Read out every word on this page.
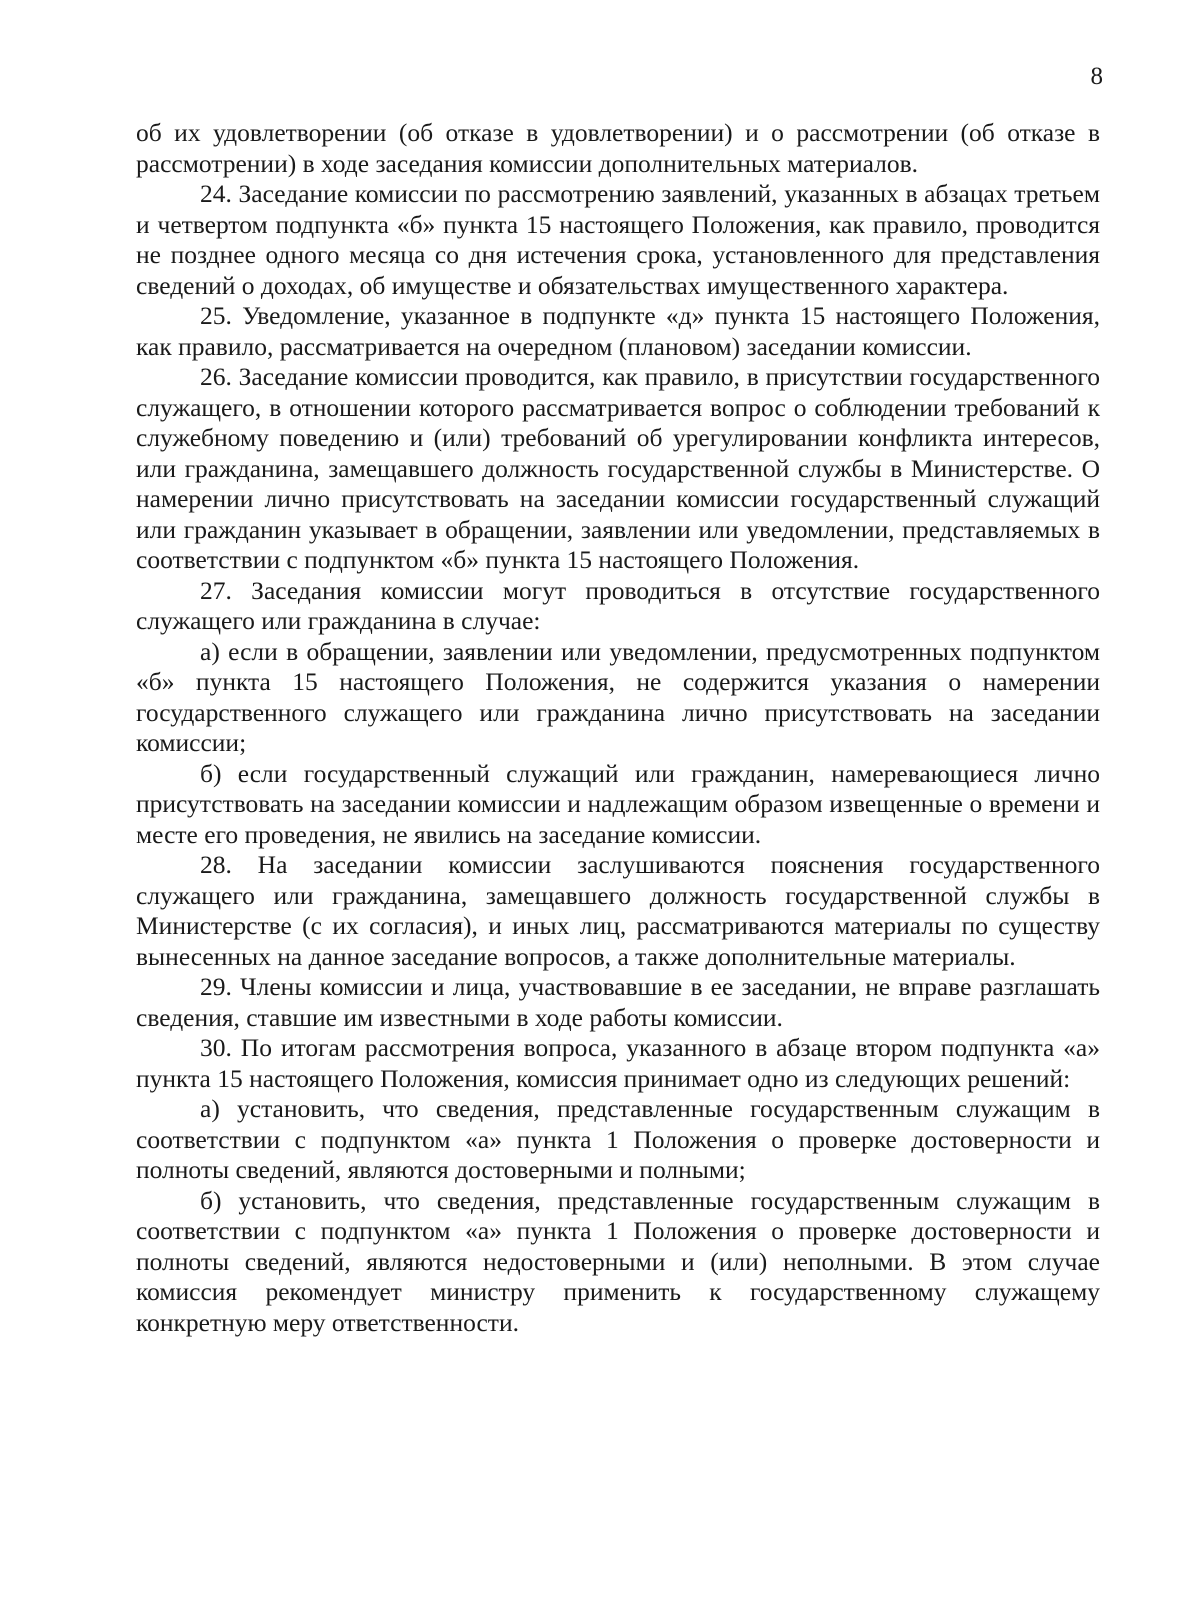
8

об их удовлетворении (об отказе в удовлетворении) и о рассмотрении (об отказе в рассмотрении) в ходе заседания комиссии дополнительных материалов.

24. Заседание комиссии по рассмотрению заявлений, указанных в абзацах третьем и четвертом подпункта «б» пункта 15 настоящего Положения, как правило, проводится не позднее одного месяца со дня истечения срока, установленного для представления сведений о доходах, об имуществе и обязательствах имущественного характера.

25. Уведомление, указанное в подпункте «д» пункта 15 настоящего Положения, как правило, рассматривается на очередном (плановом) заседании комиссии.

26. Заседание комиссии проводится, как правило, в присутствии государственного служащего, в отношении которого рассматривается вопрос о соблюдении требований к служебному поведению и (или) требований об урегулировании конфликта интересов, или гражданина, замещавшего должность государственной службы в Министерстве. О намерении лично присутствовать на заседании комиссии государственный служащий или гражданин указывает в обращении, заявлении или уведомлении, представляемых в соответствии с подпунктом «б» пункта 15 настоящего Положения.

27. Заседания комиссии могут проводиться в отсутствие государственного служащего или гражданина в случае:

а) если в обращении, заявлении или уведомлении, предусмотренных подпунктом «б» пункта 15 настоящего Положения, не содержится указания о намерении государственного служащего или гражданина лично присутствовать на заседании комиссии;

б) если государственный служащий или гражданин, намеревающиеся лично присутствовать на заседании комиссии и надлежащим образом извещенные о времени и месте его проведения, не явились на заседание комиссии.

28. На заседании комиссии заслушиваются пояснения государственного служащего или гражданина, замещавшего должность государственной службы в Министерстве (с их согласия), и иных лиц, рассматриваются материалы по существу вынесенных на данное заседание вопросов, а также дополнительные материалы.

29. Члены комиссии и лица, участвовавшие в ее заседании, не вправе разглашать сведения, ставшие им известными в ходе работы комиссии.

30. По итогам рассмотрения вопроса, указанного в абзаце втором подпункта «а» пункта 15 настоящего Положения, комиссия принимает одно из следующих решений:

а) установить, что сведения, представленные государственным служащим в соответствии с подпунктом «а» пункта 1 Положения о проверке достоверности и полноты сведений, являются достоверными и полными;

б) установить, что сведения, представленные государственным служащим в соответствии с подпунктом «а» пункта 1 Положения о проверке достоверности и полноты сведений, являются недостоверными и (или) неполными. В этом случае комиссия рекомендует министру применить к государственному служащему конкретную меру ответственности.
